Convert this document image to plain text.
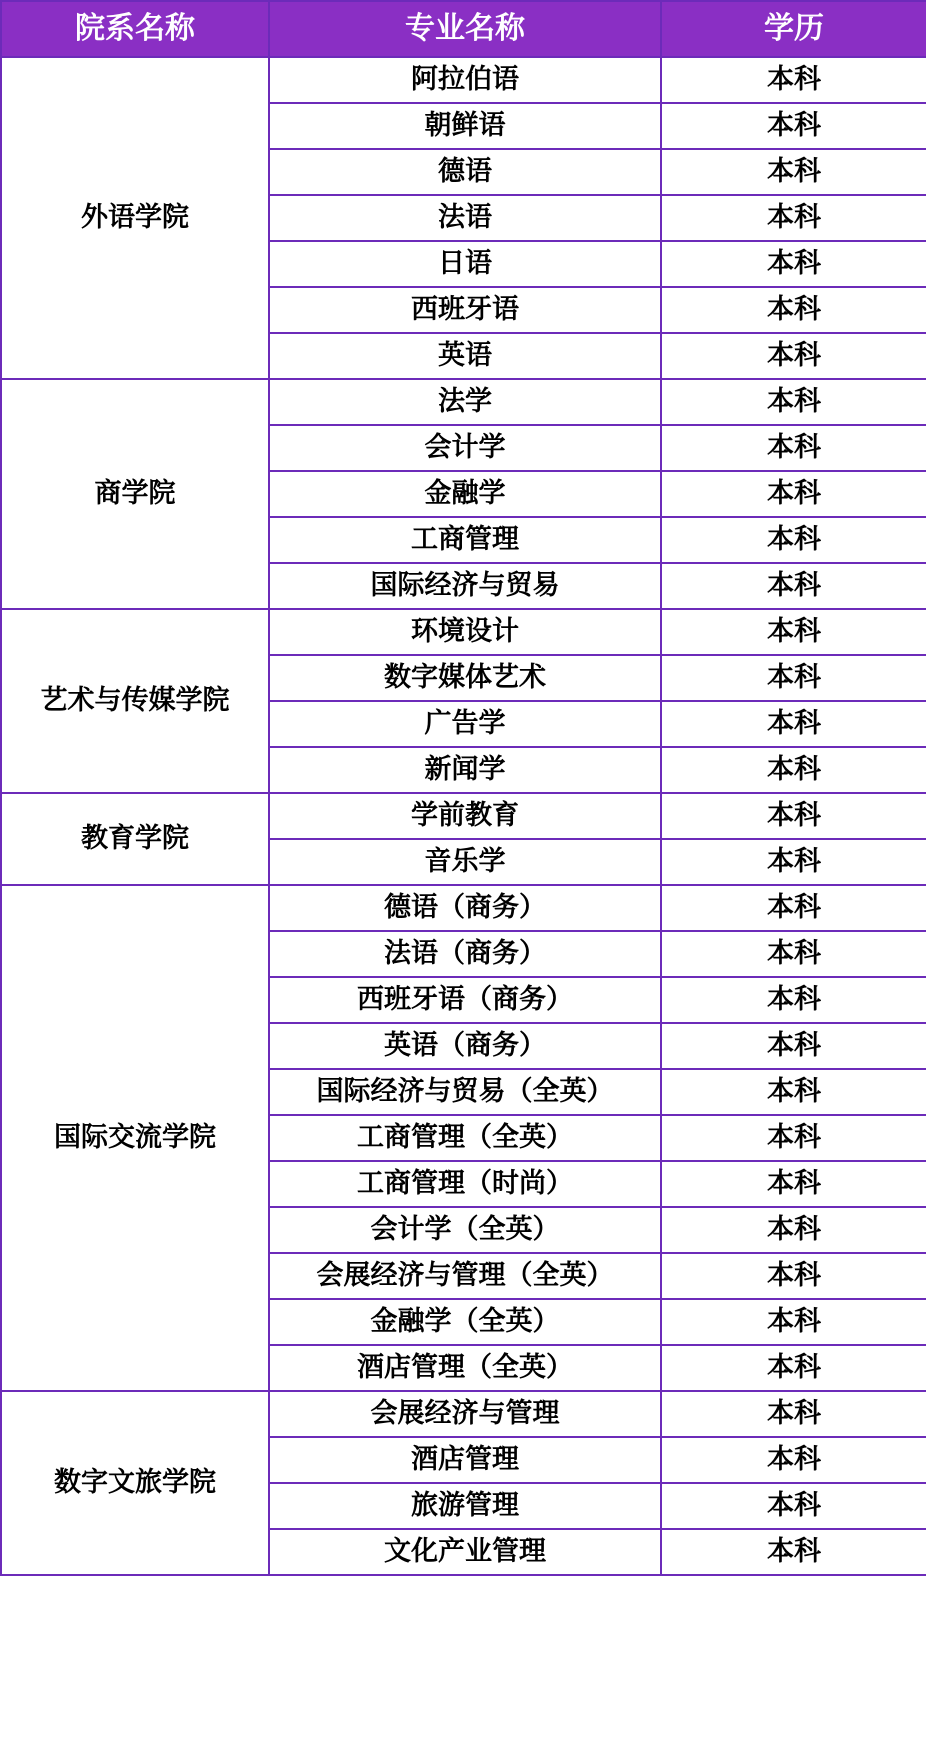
院系名称	专业名称	学历
外语学院	阿拉伯语	本科
	朝鲜语	本科
	德语	本科
	法语	本科
	日语	本科
	西班牙语	本科
	英语	本科
商学院	法学	本科
	会计学	本科
	金融学	本科
	工商管理	本科
	国际经济与贸易	本科
艺术与传媒学院	环境设计	本科
	数字媒体艺术	本科
	广告学	本科
	新闻学	本科
教育学院	学前教育	本科
	音乐学	本科
国际交流学院	德语（商务）	本科
	法语（商务）	本科
	西班牙语（商务）	本科
	英语（商务）	本科
	国际经济与贸易（全英）	本科
	工商管理（全英）	本科
	工商管理（时尚）	本科
	会计学（全英）	本科
	会展经济与管理（全英）	本科
	金融学（全英）	本科
	酒店管理（全英）	本科
数字文旅学院	会展经济与管理	本科
	酒店管理	本科
	旅游管理	本科
	文化产业管理	本科
